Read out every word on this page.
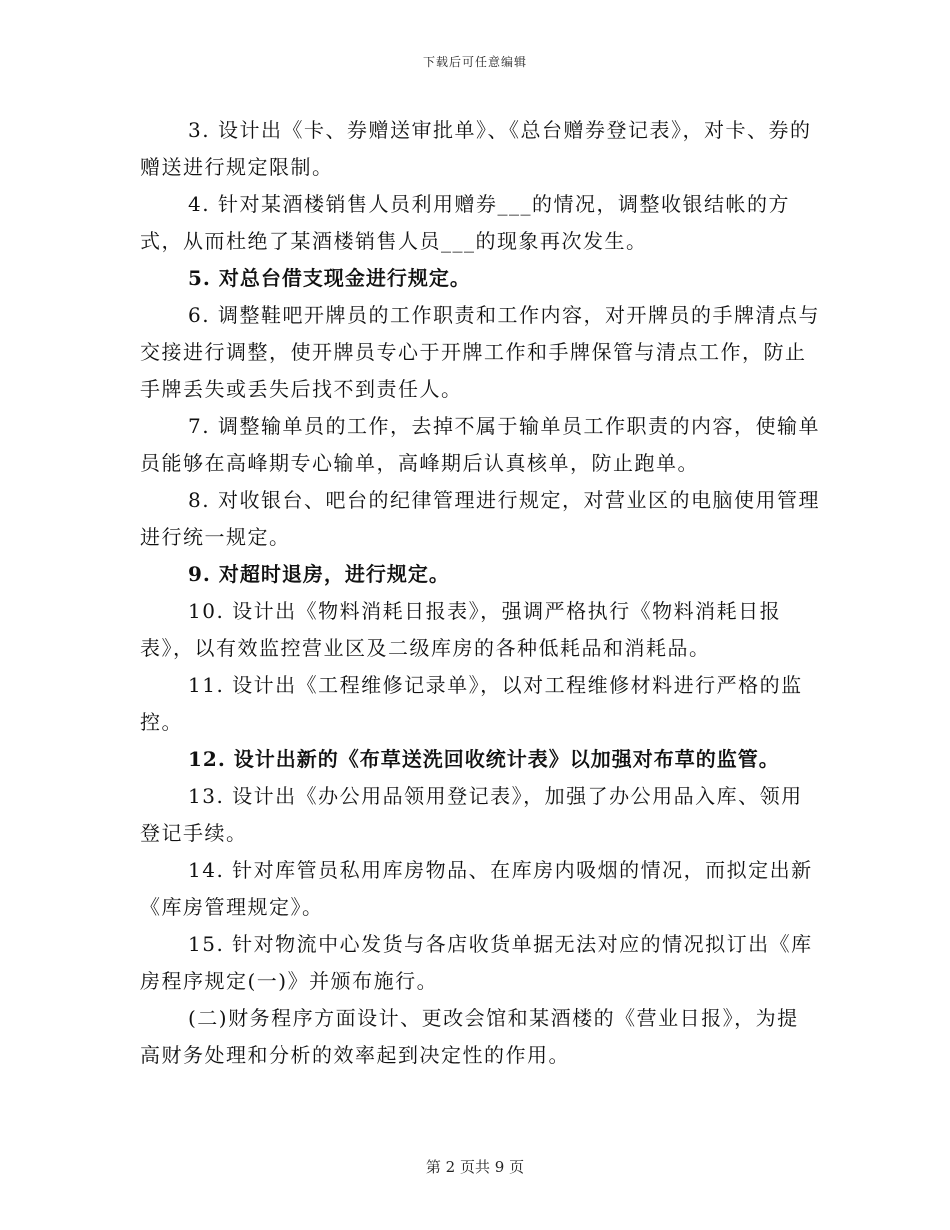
下载后可任意编辑

3. 设计出《卡、券赠送审批单》、《总台赠券登记表》，对卡、券的赠送进行规定限制。

4. 针对某酒楼销售人员利用赠券___的情况，调整收银结帐的方式，从而杜绝了某酒楼销售人员___的现象再次发生。

5. 对总台借支现金进行规定。

6. 调整鞋吧开牌员的工作职责和工作内容，对开牌员的手牌清点与交接进行调整，使开牌员专心于开牌工作和手牌保管与清点工作，防止手牌丢失或丢失后找不到责任人。

7. 调整输单员的工作，去掉不属于输单员工作职责的内容，使输单员能够在高峰期专心输单，高峰期后认真核单，防止跑单。

8. 对收银台、吧台的纪律管理进行规定，对营业区的电脑使用管理进行统一规定。

9. 对超时退房，进行规定。

10. 设计出《物料消耗日报表》，强调严格执行《物料消耗日报表》，以有效监控营业区及二级库房的各种低耗品和消耗品。

11. 设计出《工程维修记录单》，以对工程维修材料进行严格的监控。

12. 设计出新的《布草送洗回收统计表》以加强对布草的监管。

13. 设计出《办公用品领用登记表》，加强了办公用品入库、领用登记手续。

14. 针对库管员私用库房物品、在库房内吸烟的情况，而拟定出新《库房管理规定》。

15. 针对物流中心发货与各店收货单据无法对应的情况拟订出《库房程序规定(一)》并颁布施行。

(二)财务程序方面设计、更改会馆和某酒楼的《营业日报》，为提高财务处理和分析的效率起到决定性的作用。

第 2 页共 9 页
